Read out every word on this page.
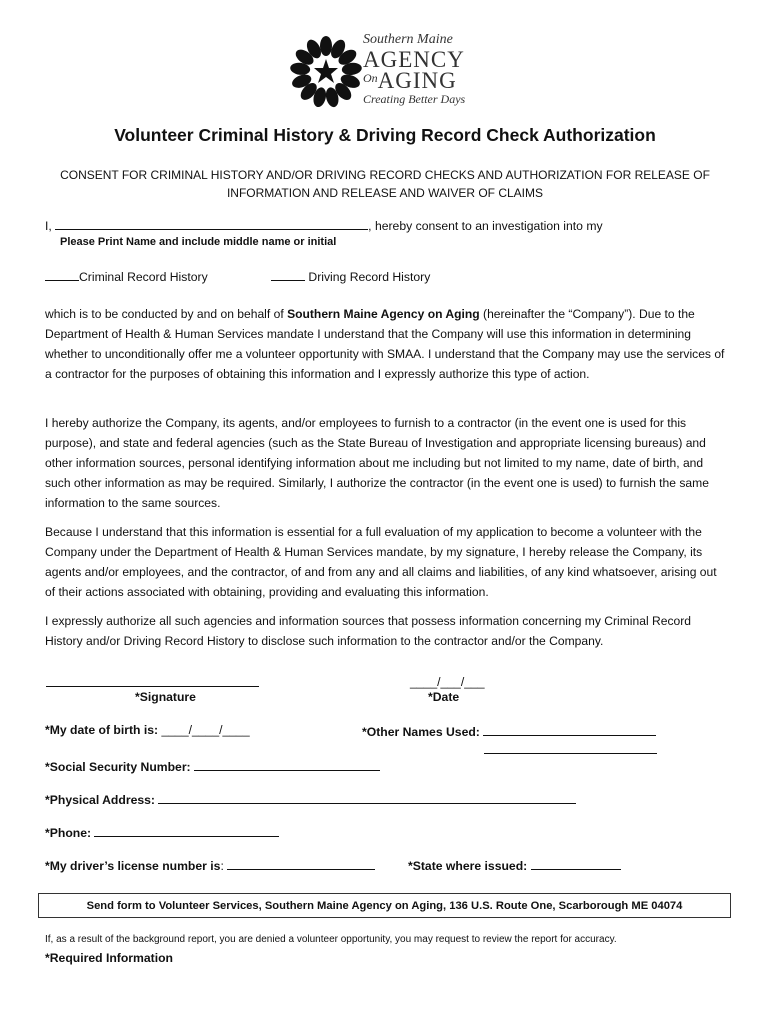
Southern Maine
AGENCY
$^{On}$AGING
Creating Better Days
Volunteer Criminal History & Driving Record Check Authorization
CONSENT FOR CRIMINAL HISTORY AND/OR DRIVING RECORD CHECKS AND AUTHORIZATION FOR RELEASE OF INFORMATION AND RELEASE AND WAIVER OF CLAIMS
I,	, hereby consent to an investigation into my
Please Print Name and include middle name or initial
Criminal Record History	Driving Record History
which is to be conducted by and on behalf of Southern Maine Agency on Aging (hereinafter the “Company”). Due to the Department of Health & Human Services mandate I understand that the Company will use this information in determining whether to unconditionally offer me a volunteer opportunity with SMAA. I understand that the Company may use the services of a contractor for the purposes of obtaining this information and I expressly authorize this type of action.
I hereby authorize the Company, its agents, and/or employees to furnish to a contractor (in the event one is used for this purpose), and state and federal agencies (such as the State Bureau of Investigation and appropriate licensing bureaus) and other information sources, personal identifying information about me including but not limited to my name, date of birth, and such other information as may be required. Similarly, I authorize the contractor (in the event one is used) to furnish the same information to the same sources.
Because I understand that this information is essential for a full evaluation of my application to become a volunteer with the Company under the Department of Health & Human Services mandate, by my signature, I hereby release the Company, its agents and/or employees, and the contractor, of and from any and all claims and liabilities, of any kind whatsoever, arising out of their actions associated with obtaining, providing and evaluating this information.
I expressly authorize all such agencies and information sources that possess information concerning my Criminal Record History and/or Driving Record History to disclose such information to the contractor and/or the Company.
*Signature
____/___/___
*Date
*My date of birth is: ____/____/____	*Other Names Used:
*Social Security Number:
*Physical Address:
*Phone:
*My driver’s license number is:	*State where issued:
Send form to Volunteer Services, Southern Maine Agency on Aging, 136 U.S. Route One, Scarborough ME 04074
If, as a result of the background report, you are denied a volunteer opportunity, you may request to review the report for accuracy.
*Required Information
